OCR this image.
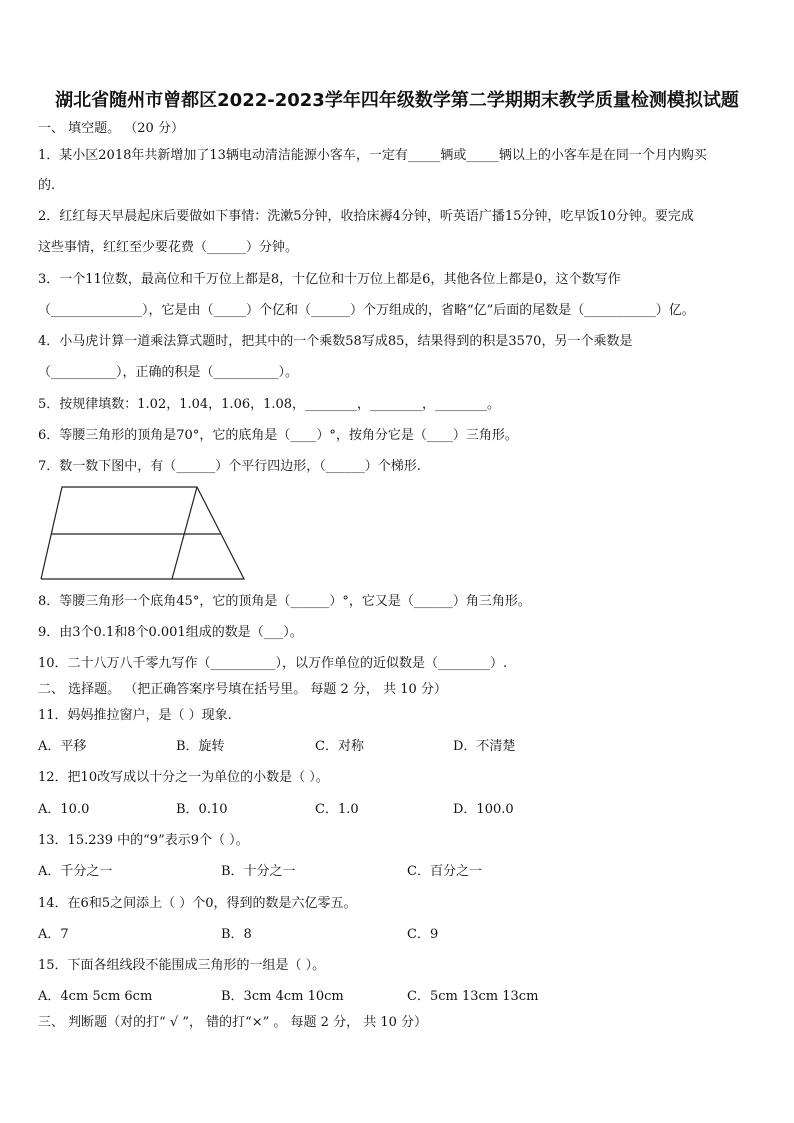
湖北省随州市曾都区2022-2023学年四年级数学第二学期期末教学质量检测模拟试题
一、 填空题。 （20 分）
1．某小区2018年共新增加了13辆电动清洁能源小客车，一定有_____辆或_____辆以上的小客车是在同一个月内购买
的.
2．红红每天早晨起床后要做如下事情：洗漱5分钟，收拾床褥4分钟，听英语广播15分钟，吃早饭10分钟。要完成
这些事情，红红至少要花费（______）分钟。
3．一个11位数，最高位和千万位上都是8，十亿位和十万位上都是6，其他各位上都是0，这个数写作
（______________），它是由（_____）个亿和（______）个万组成的，省略“亿”后面的尾数是（___________）亿。
4．小马虎计算一道乘法算式题时，把其中的一个乘数58写成85，结果得到的积是3570，另一个乘数是
（__________），正确的积是（__________）。
5．按规律填数：1.02，1.04，1.06，1.08，________，________，________。
6．等腰三角形的顶角是70°，它的底角是（____）°，按角分它是（____）三角形。
7．数一数下图中，有（______）个平行四边形，（______）个梯形.
8．等腰三角形一个底角45°，它的顶角是（______）°，它又是（______）角三角形。
9．由3个0.1和8个0.001组成的数是（___）。
10．二十八万八千零九写作（__________），以万作单位的近似数是（________）.
二、 选择题。 （把正确答案序号填在括号里。 每题 2 分， 共 10 分）
11．妈妈推拉窗户，是（ ）现象.
A．平移	B．旋转	C．对称	D．不清楚
12．把10改写成以十分之一为单位的小数是（ ）。
A．10.0	B．0.10	C．1.0	D．100.0
13．15.239 中的“9”表示9个（ ）。
A．千分之一	B．十分之一	C．百分之一
14．在6和5之间添上（ ）个0，得到的数是六亿零五。
A．7	B．8	C．9
15．下面各组线段不能围成三角形的一组是（ ）。
A．4cm 5cm 6cm	B．3cm 4cm 10cm	C．5cm 13cm 13cm
三、 判断题（对的打“ √ ”， 错的打“×” 。 每题 2 分， 共 10 分）
